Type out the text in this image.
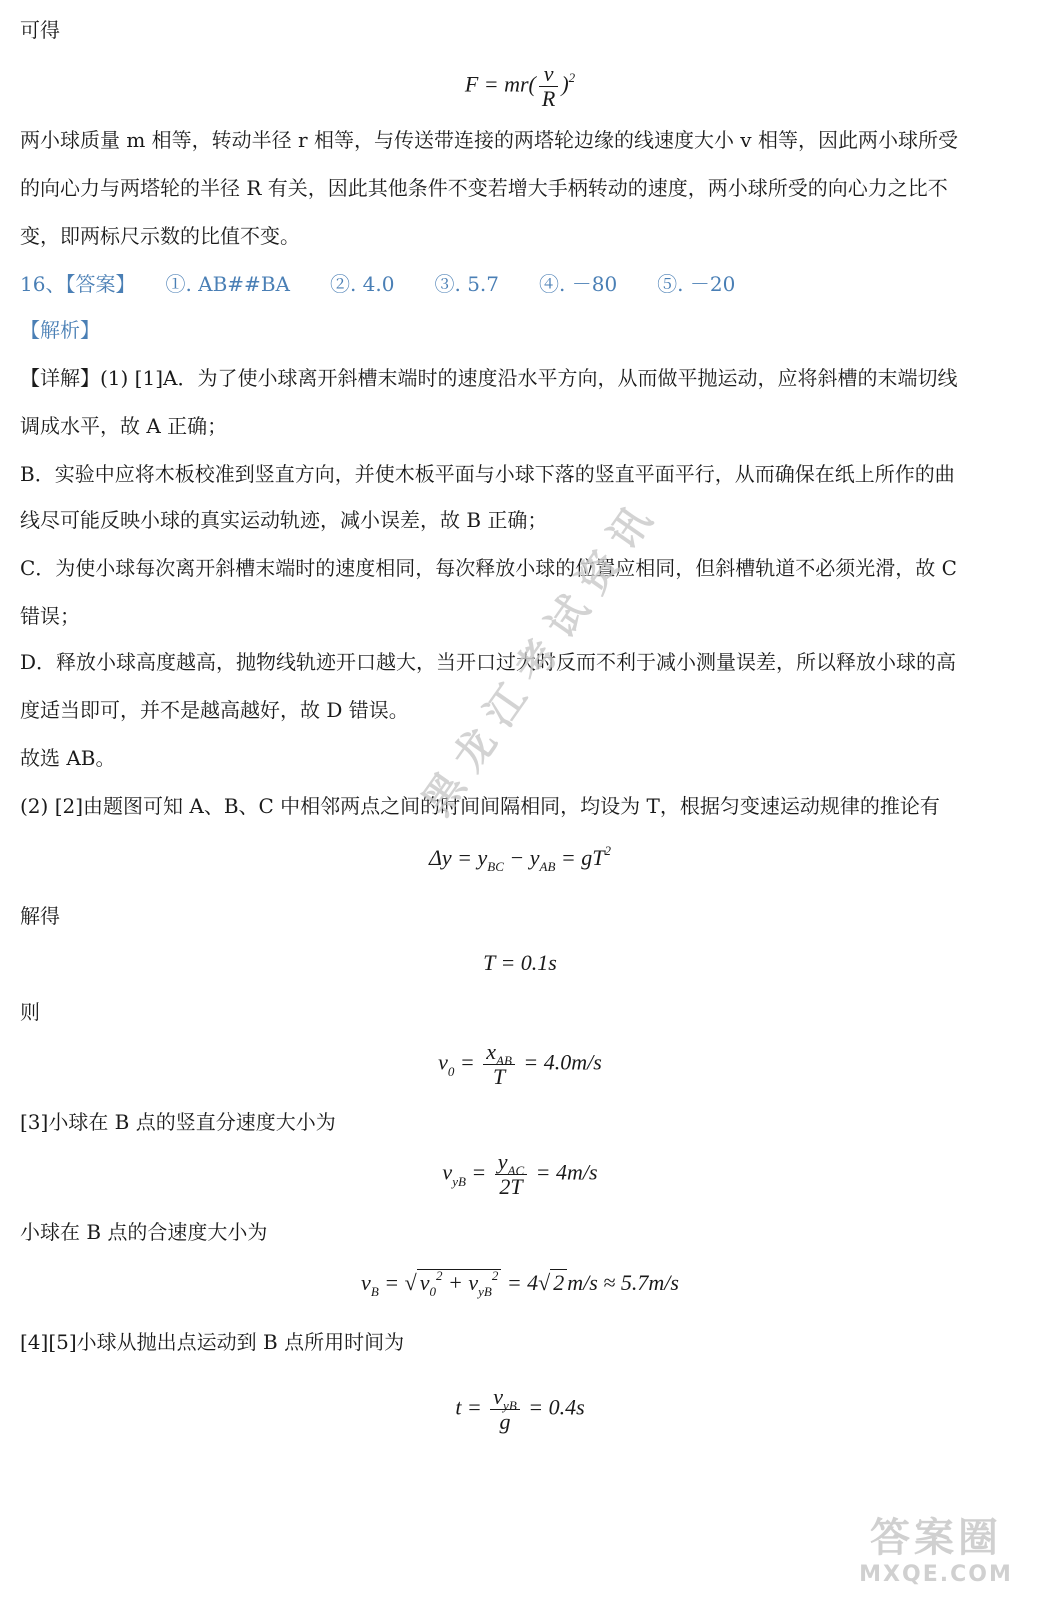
可得
$F = mr( \frac{v}{R} )^2$
两小球质量 m 相等，转动半径 r 相等，与传送带连接的两塔轮边缘的线速度大小 v 相等，因此两小球所受
的向心力与两塔轮的半径 R 有关，因此其他条件不变若增大手柄转动的速度，两小球所受的向心力之比不
变，即两标尺示数的比值不变。
16、【答案】　　①. AB##BA　　②. 4.0　　③. 5.7　　④. －80　　⑤. －20
【解析】
【详解】(1) [1]A．为了使小球离开斜槽末端时的速度沿水平方向，从而做平抛运动，应将斜槽的末端切线
调成水平，故 A 正确；
B．实验中应将木板校准到竖直方向，并使木板平面与小球下落的竖直平面平行，从而确保在纸上所作的曲
线尽可能反映小球的真实运动轨迹，减小误差，故 B 正确；
C．为使小球每次离开斜槽末端时的速度相同，每次释放小球的位置应相同，但斜槽轨道不必须光滑，故 C
错误；
D．释放小球高度越高，抛物线轨迹开口越大，当开口过大时反而不利于减小测量误差，所以释放小球的高
度适当即可，并不是越高越好，故 D 错误。
故选 AB。
(2) [2]由题图可知 A、B、C 中相邻两点之间的时间间隔相同，均设为 T，根据匀变速运动规律的推论有
$\Delta y = y_{BC} - y_{AB} = gT^2$
解得
T = 0.1s
则
$v_0 = \frac{x_{AB}}{T} = 4.0m/s$
[3]小球在 B 点的竖直分速度大小为
$v_{yB} = \frac{y_{AC}}{2T} = 4m/s$
小球在 B 点的合速度大小为
$v_B$ = √ $v_0^2 + v_{yB}^2 = 4√$ 2 m/s ≈ 5.7m/s
[4][5]小球从抛出点运动到 B 点所用时间为
$t = \frac{v_{yB}}{g} = 0.4s$
黑龙江考试资讯
答案圈
MXQE.COM
